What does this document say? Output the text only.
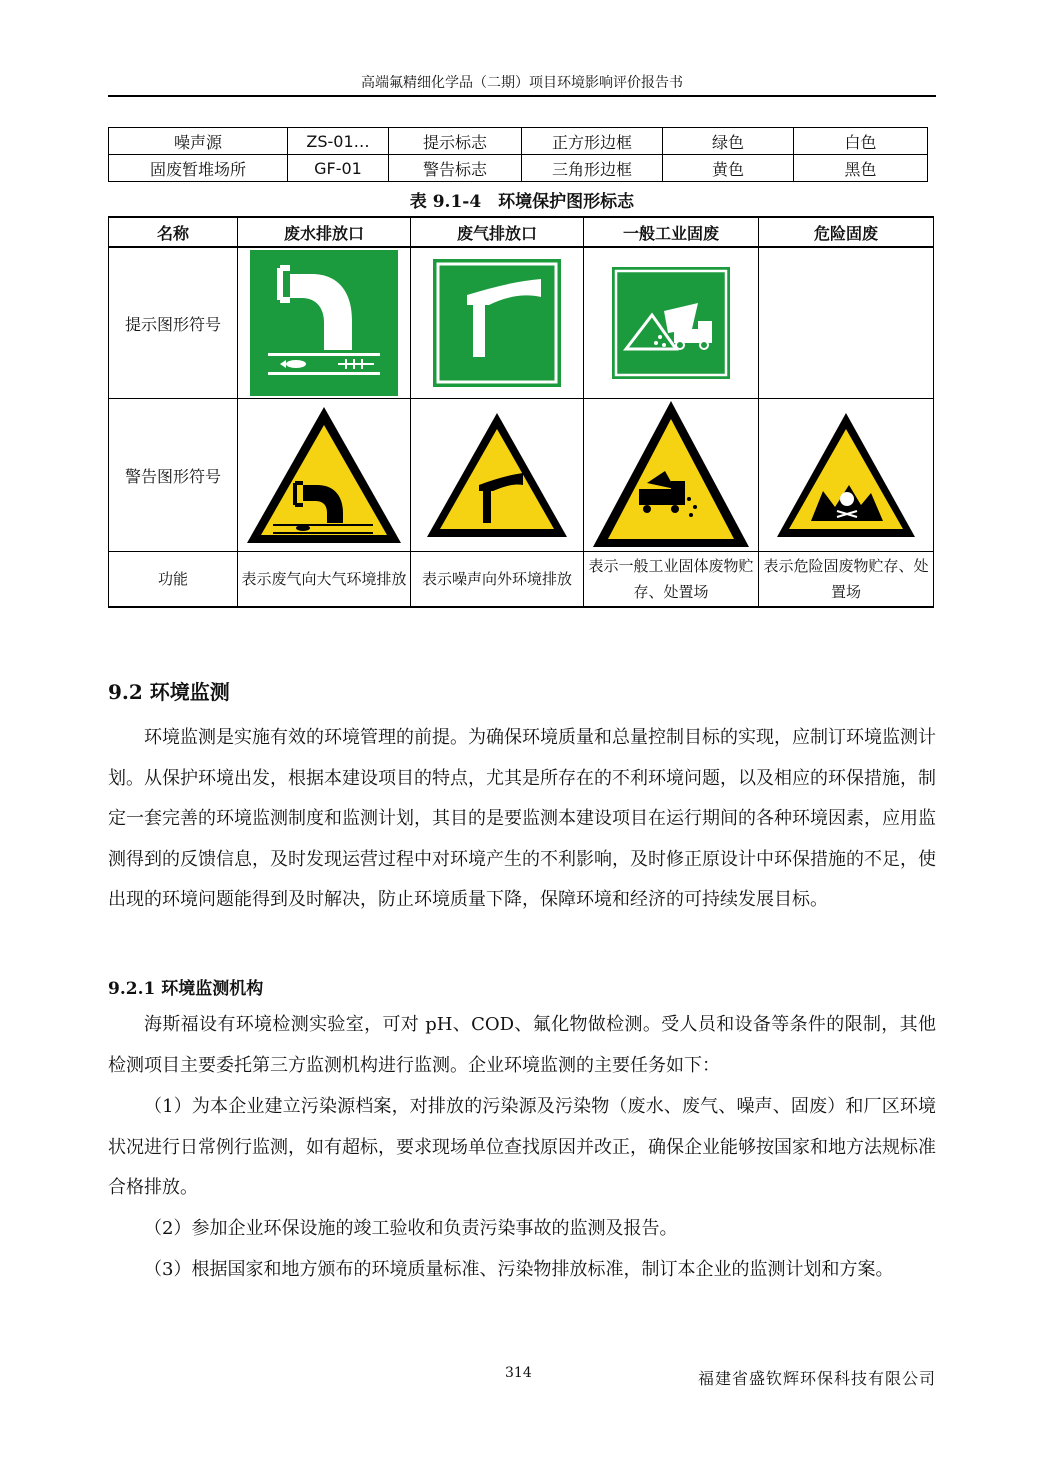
高端氟精细化学品（二期）项目环境影响评价报告书
噪声源	ZS-01…	提示标志	正方形边框	绿色	白色
固废暂堆场所	GF-01	警告标志	三角形边框	黄色	黑色
表 9.1-4　环境保护图形标志
名称	废水排放口	废气排放口	一般工业固废	危险固废
提示图形符号	

警告图形符号	

功能	表示废气向大气环境排放	表示噪声向外环境排放	表示一般工业固体废物贮存、处置场	表示危险固废物贮存、处置场
9.2 环境监测
环境监测是实施有效的环境管理的前提。为确保环境质量和总量控制目标的实现，应制订环境监测计划。从保护环境出发，根据本建设项目的特点，尤其是所存在的不利环境问题，以及相应的环保措施，制定一套完善的环境监测制度和监测计划，其目的是要监测本建设项目在运行期间的各种环境因素，应用监测得到的反馈信息，及时发现运营过程中对环境产生的不利影响，及时修正原设计中环保措施的不足，使出现的环境问题能得到及时解决，防止环境质量下降，保障环境和经济的可持续发展目标。
9.2.1 环境监测机构
海斯福设有环境检测实验室，可对 pH、COD、氟化物做检测。受人员和设备等条件的限制，其他检测项目主要委托第三方监测机构进行监测。企业环境监测的主要任务如下：
（1）为本企业建立污染源档案，对排放的污染源及污染物（废水、废气、噪声、固废）和厂区环境状况进行日常例行监测，如有超标，要求现场单位查找原因并改正，确保企业能够按国家和地方法规标准合格排放。
（2）参加企业环保设施的竣工验收和负责污染事故的监测及报告。
（3）根据国家和地方颁布的环境质量标准、污染物排放标准，制订本企业的监测计划和方案。
314	福建省盛钦辉环保科技有限公司
